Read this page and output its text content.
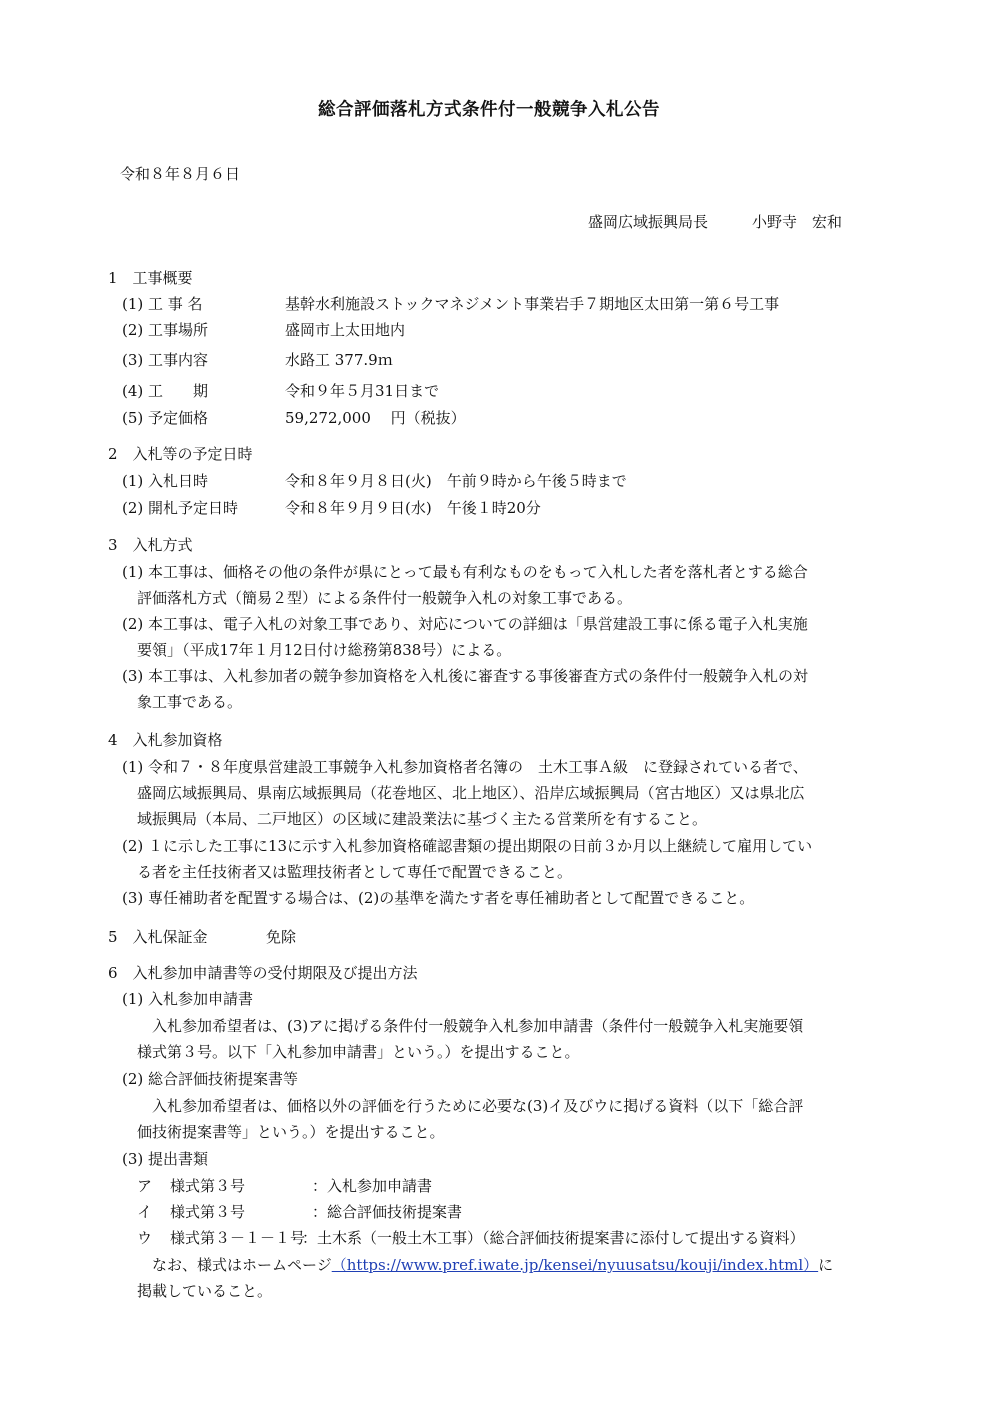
総合評価落札方式条件付一般競争入札公告
令和８年８月６日
盛岡広域振興局長	小野寺　宏和
1　工事概要
(1) 工 事 名	基幹水利施設ストックマネジメント事業岩手７期地区太田第一第６号工事
(2) 工事場所	盛岡市上太田地内
(3) 工事内容	水路工 377.9ｍ
(4) 工　　期	令和９年５月31日まで
(5) 予定価格	59,272,000　 円（税抜）
2　入札等の予定日時
(1) 入札日時	令和８年９月８日(火)　午前９時から午後５時まで
(2) 開札予定日時	令和８年９月９日(水)　午後１時20分
3　入札方式
(1) 本工事は、価格その他の条件が県にとって最も有利なものをもって入札した者を落札者とする総合
評価落札方式（簡易２型）による条件付一般競争入札の対象工事である。
(2) 本工事は、電子入札の対象工事であり、対応についての詳細は「県営建設工事に係る電子入札実施
要領」（平成17年１月12日付け総務第838号）による。
(3) 本工事は、入札参加者の競争参加資格を入札後に審査する事後審査方式の条件付一般競争入札の対
象工事である。
4　入札参加資格
(1) 令和７・８年度県営建設工事競争入札参加資格者名簿の　土木工事Ａ級　に登録されている者で、
盛岡広域振興局、県南広域振興局（花巻地区、北上地区）、沿岸広域振興局（宮古地区）又は県北広
域振興局（本局、二戸地区）の区域に建設業法に基づく主たる営業所を有すること。
(2) １に示した工事に13に示す入札参加資格確認書類の提出期限の日前３か月以上継続して雇用してい
る者を主任技術者又は監理技術者として専任で配置できること。
(3) 専任補助者を配置する場合は、(2)の基準を満たす者を専任補助者として配置できること。
5　入札保証金	免除
6　入札参加申請書等の受付期限及び提出方法
(1) 入札参加申請書
入札参加希望者は、(3)アに掲げる条件付一般競争入札参加申請書（条件付一般競争入札実施要領
様式第３号。以下「入札参加申請書」という。）を提出すること。
(2) 総合評価技術提案書等
入札参加希望者は、価格以外の評価を行うために必要な(3)イ及びウに掲げる資料（以下「総合評
価技術提案書等」という。）を提出すること。
(3) 提出書類
ア 様式第３号	：入札参加申請書
イ 様式第３号	：総合評価技術提案書
ウ 様式第３－１－１号
：土木系（一般土木工事）（総合評価技術提案書に添付して提出する資料）
なお、様式はホームページ（https://www.pref.iwate.jp/kensei/nyuusatsu/kouji/index.html）に
掲載していること。
